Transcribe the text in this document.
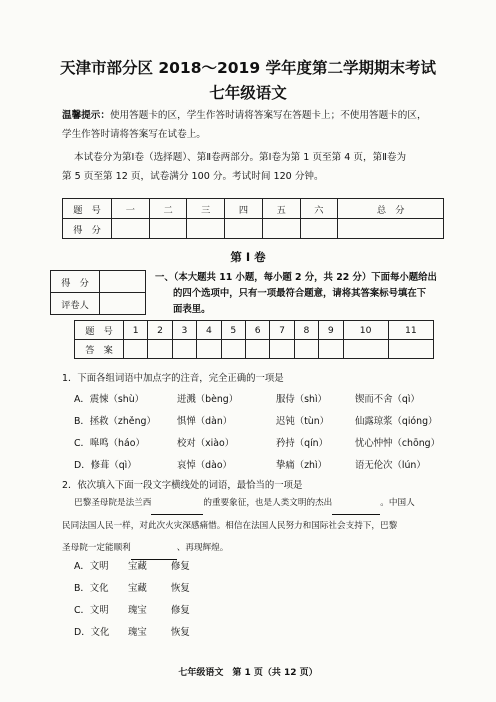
天津市部分区 2018～2019 学年度第二学期期末考试
七年级语文
温馨提示：使用答题卡的区，学生作答时请将答案写在答题卡上；不使用答题卡的区，
学生作答时请将答案写在试卷上。
本试卷分为第Ⅰ卷（选择题）、第Ⅱ卷两部分。第Ⅰ卷为第 1 页至第 4 页，第Ⅱ卷为
第 5 页至第 12 页，试卷满分 100 分。考试时间 120 分钟。
题　号	一	二	三	四	五	六	总　分
得　分							
第 Ⅰ 卷
得　分	
评卷人	
一、（本大题共 11 小题，每小题 2 分，共 22 分）下面每小题给出
的四个选项中，只有一项最符合题意，请将其答案标号填在下
面表里。
题　号	1	2	3	4	5	6	7	8	9	10	11
答　案											
1．下面各组词语中加点字的注音，完全正确的一项是
A．震悚（shù）	迸溅（bèng）	服侍（shì）	锲而不舍（qì）
B．拯救（zhěng） 惧惮（dàn）	迟钝（tùn）	仙露琼浆（qióng）
C．嗥鸣（háo）	校对（xiào）	矜持（qín）	忧心忡忡（chōng）
D．修葺（qì）	哀悼（dào）	挚痛（zhì）	语无伦次（lún）
2．依次填入下面一段文字横线处的词语，最恰当的一项是
巴黎圣母院是法兰西	的重要象征，也是人类文明的杰出	。中国人
民同法国人民一样，对此次火灾深感痛惜。相信在法国人民努力和国际社会支持下，巴黎
圣母院一定能顺利	、再现辉煌。
A．文明 宝藏	修复
B．文化 宝藏	恢复
C．文明 瑰宝	修复
D．文化 瑰宝	恢复
七年级语文　第 1 页（共 12 页）
